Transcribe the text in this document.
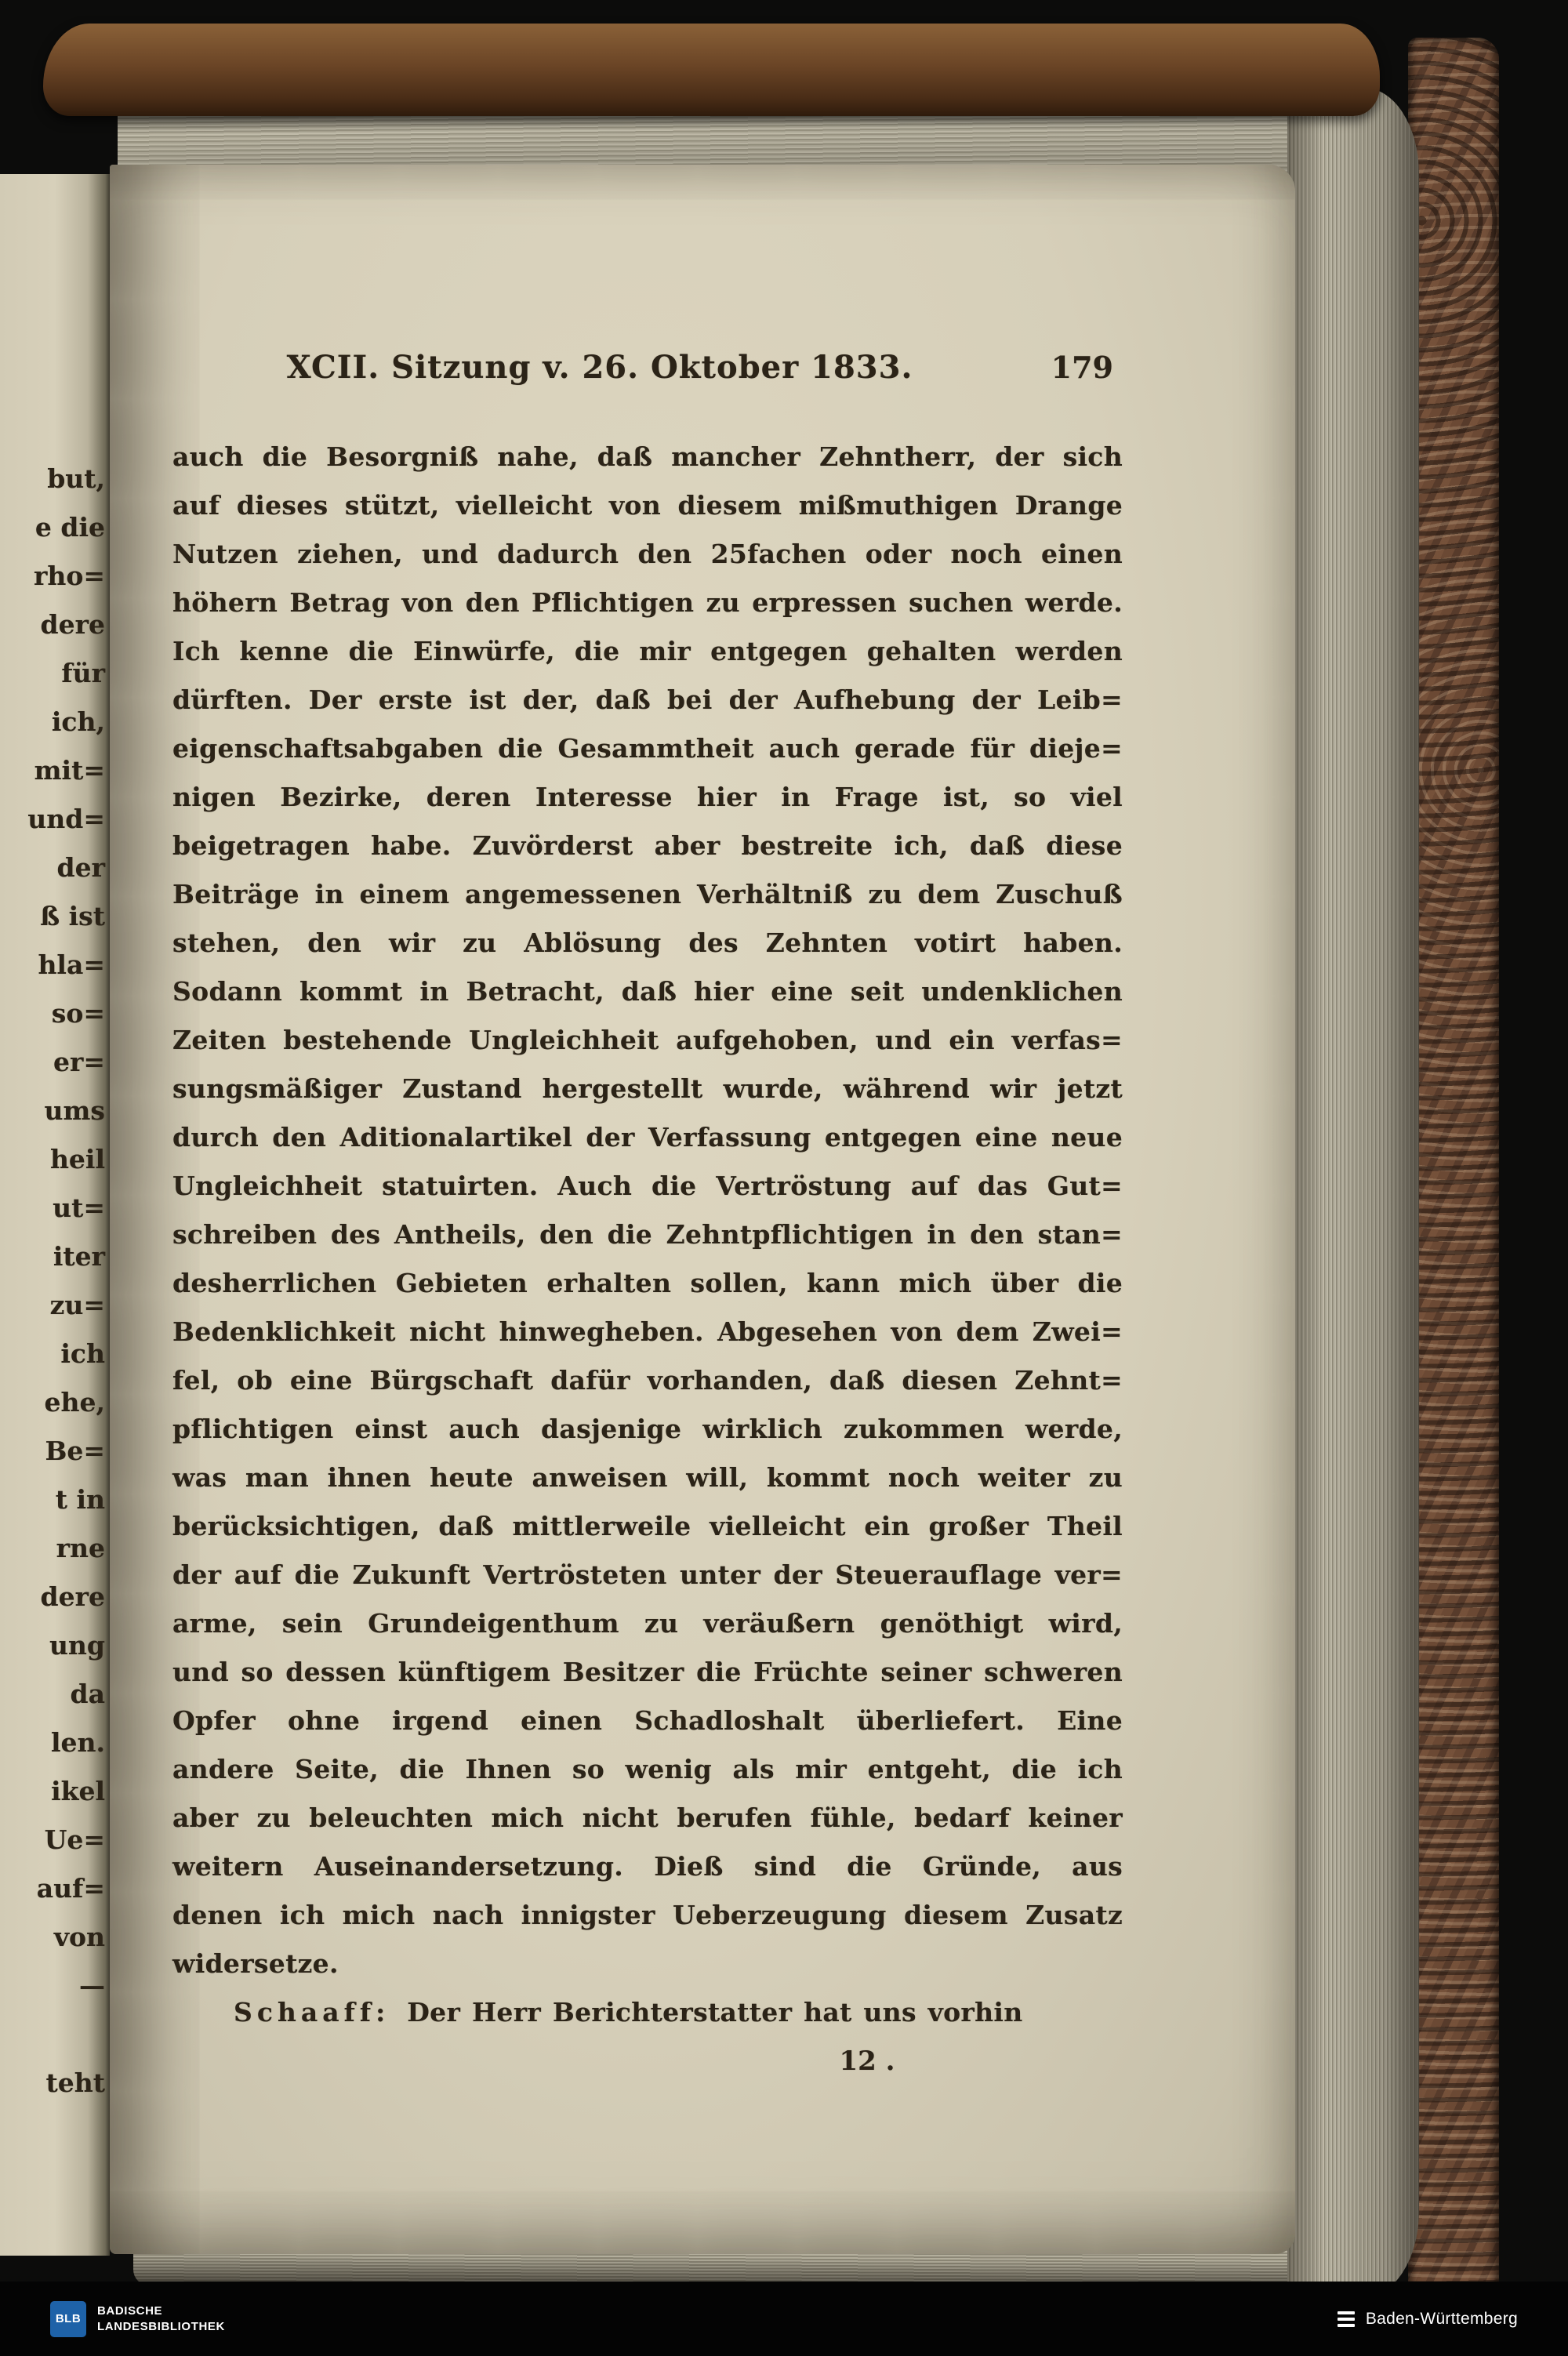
but,
e die
rho=
dere
für
ich,
mit=
und=
der
ß ist
hla=
so=
er=
ums
heil
ut=
iter
zu=
ich
ehe,
Be=
t in
rne
dere
ung
da
len.
ikel
Ue=
auf=
von
—
teht
XCII. Sitzung v. 26. Oktober 1833.	179
auch die Besorgniß nahe, daß mancher Zehntherr, der sich
auf dieses stützt, vielleicht von diesem mißmuthigen Drange
Nutzen ziehen, und dadurch den 25fachen oder noch einen
höhern Betrag von den Pflichtigen zu erpressen suchen werde.
Ich kenne die Einwürfe, die mir entgegen gehalten werden
dürften. Der erste ist der, daß bei der Aufhebung der Leib=
eigenschaftsabgaben die Gesammtheit auch gerade für dieje=
nigen Bezirke, deren Interesse hier in Frage ist, so viel
beigetragen habe. Zuvörderst aber bestreite ich, daß diese
Beiträge in einem angemessenen Verhältniß zu dem Zuschuß
stehen, den wir zu Ablösung des Zehnten votirt haben.
Sodann kommt in Betracht, daß hier eine seit undenklichen
Zeiten bestehende Ungleichheit aufgehoben, und ein verfas=
sungsmäßiger Zustand hergestellt wurde, während wir jetzt
durch den Aditionalartikel der Verfassung entgegen eine neue
Ungleichheit statuirten. Auch die Vertröstung auf das Gut=
schreiben des Antheils, den die Zehntpflichtigen in den stan=
desherrlichen Gebieten erhalten sollen, kann mich über die
Bedenklichkeit nicht hinwegheben. Abgesehen von dem Zwei=
fel, ob eine Bürgschaft dafür vorhanden, daß diesen Zehnt=
pflichtigen einst auch dasjenige wirklich zukommen werde,
was man ihnen heute anweisen will, kommt noch weiter zu
berücksichtigen, daß mittlerweile vielleicht ein großer Theil
der auf die Zukunft Vertrösteten unter der Steuerauflage ver=
arme, sein Grundeigenthum zu veräußern genöthigt wird,
und so dessen künftigem Besitzer die Früchte seiner schweren
Opfer ohne irgend einen Schadloshalt überliefert. Eine
andere Seite, die Ihnen so wenig als mir entgeht, die ich
aber zu beleuchten mich nicht berufen fühle, bedarf keiner
weitern Auseinandersetzung. Dieß sind die Gründe, aus
denen ich mich nach innigster Ueberzeugung diesem Zusatz
widersetze.
Schaaff: Der Herr Berichterstatter hat uns vorhin
12 .
BLB
BADISCHE
LANDESBIBLIOTHEK	Baden-Württemberg
